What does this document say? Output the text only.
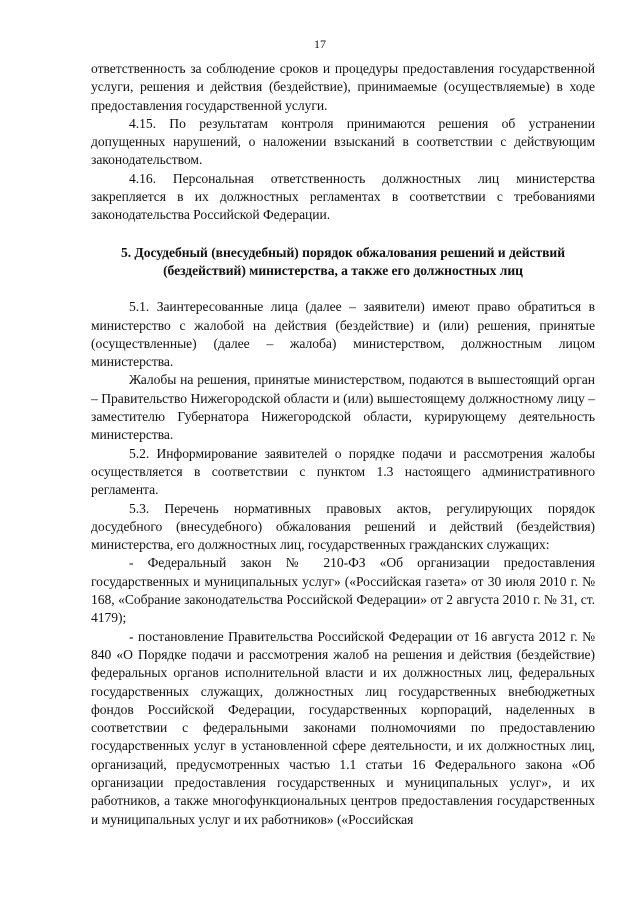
17

ответственность за соблюдение сроков и процедуры предоставления государственной услуги, решения и действия (бездействие), принимаемые (осуществляемые) в ходе предоставления государственной услуги.

4.15. По результатам контроля принимаются решения об устранении допущенных нарушений, о наложении взысканий в соответствии с действующим законодательством.

4.16. Персональная ответственность должностных лиц министерства закрепляется в их должностных регламентах в соответствии с требованиями законодательства Российской Федерации.

5. Досудебный (внесудебный) порядок обжалования решений и действий (бездействий) министерства, а также его должностных лиц

5.1. Заинтересованные лица (далее – заявители) имеют право обратиться в министерство с жалобой на действия (бездействие) и (или) решения, принятые (осуществленные) (далее – жалоба) министерством, должностным лицом министерства.

Жалобы на решения, принятые министерством, подаются в вышестоящий орган – Правительство Нижегородской области и (или) вышестоящему должностному лицу – заместителю Губернатора Нижегородской области, курирующему деятельность министерства.

5.2. Информирование заявителей о порядке подачи и рассмотрения жалобы осуществляется в соответствии с пунктом 1.3 настоящего административного регламента.

5.3. Перечень нормативных правовых актов, регулирующих порядок досудебного (внесудебного) обжалования решений и действий (бездействия) министерства, его должностных лиц, государственных гражданских служащих:

- Федеральный закон № 210-ФЗ «Об организации предоставления государственных и муниципальных услуг» («Российская газета» от 30 июля 2010 г. № 168, «Собрание законодательства Российской Федерации» от 2 августа 2010 г. № 31, ст. 4179);

- постановление Правительства Российской Федерации от 16 августа 2012 г. № 840 «О Порядке подачи и рассмотрения жалоб на решения и действия (бездействие) федеральных органов исполнительной власти и их должностных лиц, федеральных государственных служащих, должностных лиц государственных внебюджетных фондов Российской Федерации, государственных корпораций, наделенных в соответствии с федеральными законами полномочиями по предоставлению государственных услуг в установленной сфере деятельности, и их должностных лиц, организаций, предусмотренных частью 1.1 статьи 16 Федерального закона «Об организации предоставления государственных и муниципальных услуг», и их работников, а также многофункциональных центров предоставления государственных и муниципальных услуг и их работников» («Российская
